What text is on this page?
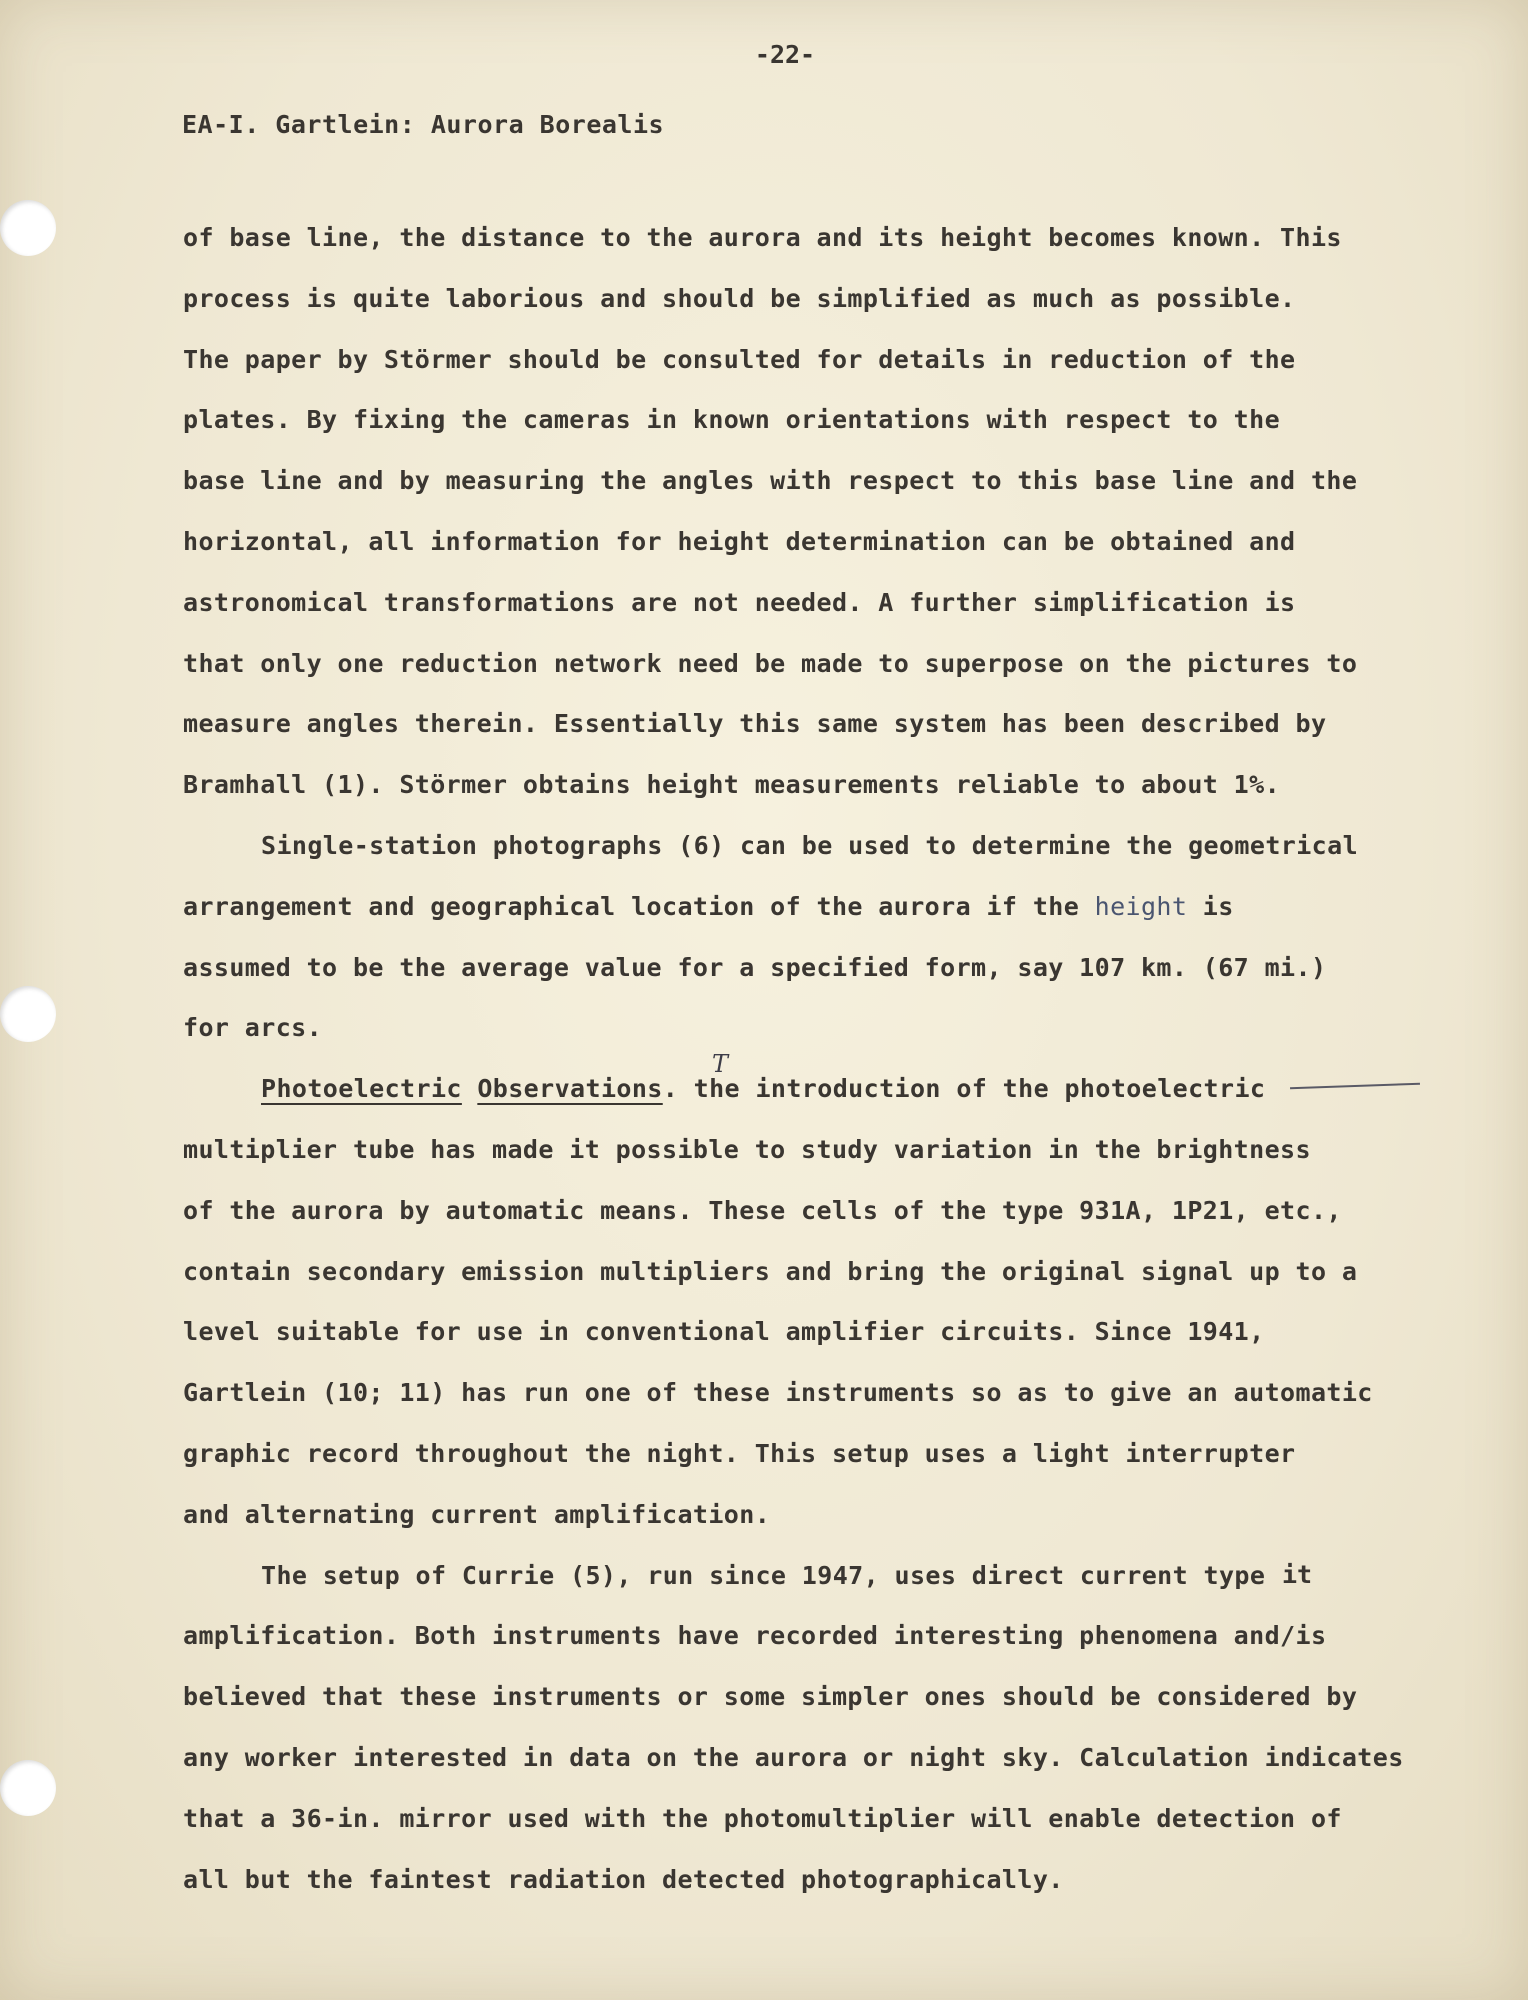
-22-
EA-I. Gartlein: Aurora Borealis
T
it
of base line, the distance to the aurora and its height becomes known. This
process is quite laborious and should be simplified as much as possible.
The paper by Störmer should be consulted for details in reduction of the
plates. By fixing the cameras in known orientations with respect to the
base line and by measuring the angles with respect to this base line and the
horizontal, all information for height determination can be obtained and
astronomical transformations are not needed. A further simplification is
that only one reduction network need be made to superpose on the pictures to
measure angles therein. Essentially this same system has been described by
Bramhall (1). Störmer obtains height measurements reliable to about 1%.
Single-station photographs (6) can be used to determine the geometrical
arrangement and geographical location of the aurora if the height is
assumed to be the average value for a specified form, say 107 km. (67 mi.)
for arcs.
Photoelectric Observations. the introduction of the photoelectric
multiplier tube has made it possible to study variation in the brightness
of the aurora by automatic means. These cells of the type 931A, 1P21, etc.,
contain secondary emission multipliers and bring the original signal up to a
level suitable for use in conventional amplifier circuits. Since 1941,
Gartlein (10; 11) has run one of these instruments so as to give an automatic
graphic record throughout the night. This setup uses a light interrupter
and alternating current amplification.
The setup of Currie (5), run since 1947, uses direct current type
amplification. Both instruments have recorded interesting phenomena and/is
believed that these instruments or some simpler ones should be considered by
any worker interested in data on the aurora or night sky. Calculation indicates
that a 36-in. mirror used with the photomultiplier will enable detection of
all but the faintest radiation detected photographically.
